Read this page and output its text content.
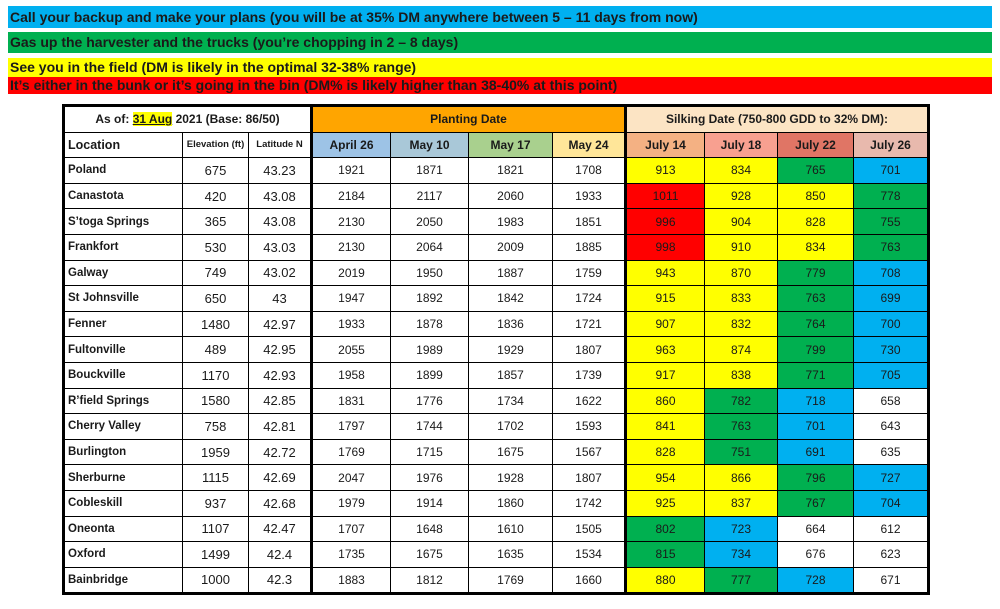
Call your backup and make your plans (you will be at 35% DM anywhere between 5 – 11 days from now)
Gas up the harvester and the trucks (you’re chopping in 2 – 8 days)
See you in the field (DM is likely in the optimal 32-38% range)
It’s either in the bunk or it’s going in the bin (DM% is likely higher than 38-40% at this point)
As of: 31 Aug 2021 (Base: 86/50)			Planting Date				Silking Date (750-800 GDD to 32% DM):			
Location	Elevation (ft)	Latitude N	April 26	May 10	May 17	May 24	July 14	July 18	July 22	July 26
Poland	675	43.23	1921	1871	1821	1708	913	834	765	701
Canastota	420	43.08	2184	2117	2060	1933	1011	928	850	778
S’toga Springs	365	43.08	2130	2050	1983	1851	996	904	828	755
Frankfort	530	43.03	2130	2064	2009	1885	998	910	834	763
Galway	749	43.02	2019	1950	1887	1759	943	870	779	708
St Johnsville	650	43	1947	1892	1842	1724	915	833	763	699
Fenner	1480	42.97	1933	1878	1836	1721	907	832	764	700
Fultonville	489	42.95	2055	1989	1929	1807	963	874	799	730
Bouckville	1170	42.93	1958	1899	1857	1739	917	838	771	705
R’field Springs	1580	42.85	1831	1776	1734	1622	860	782	718	658
Cherry Valley	758	42.81	1797	1744	1702	1593	841	763	701	643
Burlington	1959	42.72	1769	1715	1675	1567	828	751	691	635
Sherburne	1115	42.69	2047	1976	1928	1807	954	866	796	727
Cobleskill	937	42.68	1979	1914	1860	1742	925	837	767	704
Oneonta	1107	42.47	1707	1648	1610	1505	802	723	664	612
Oxford	1499	42.4	1735	1675	1635	1534	815	734	676	623
Bainbridge	1000	42.3	1883	1812	1769	1660	880	777	728	671
